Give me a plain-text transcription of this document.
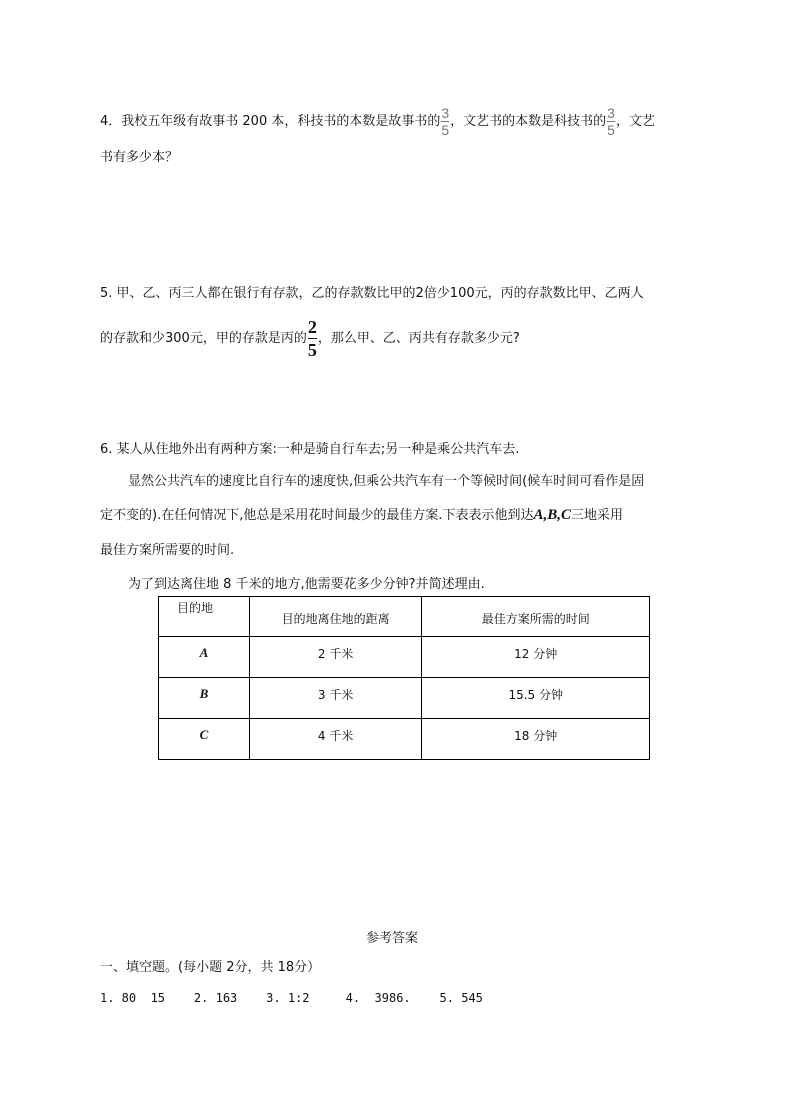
4．我校五年级有故事书 200 本，科技书的本数是故事书的 $\frac{3}{5}$ ，文艺书的本数是科技书的 $\frac{3}{5}$ ，文艺
书有多少本？
5. 甲、乙、丙三人都在银行有存款，乙的存款数比甲的2倍少100元，丙的存款数比甲、乙两人
的存款和少300元，甲的存款是丙的 $\frac{2}{5}$ ，那么甲、乙、丙共有存款多少元?
6. 某人从住地外出有两种方案:一种是骑自行车去;另一种是乘公共汽车去.
显然公共汽车的速度比自行车的速度快,但乘公共汽车有一个等候时间(候车时间可看作是固
定不变的).在任何情况下,他总是采用花时间最少的最佳方案.下表表示他到达A,B,C三地采用
最佳方案所需要的时间.
为了到达离住地 8 千米的地方,他需要花多少分钟?并简述理由.
目的地	目的地离住地的距离	最佳方案所需的时间

A	2 千米	12 分钟

B	3 千米	15.5 分钟

C	4 千米	18 分钟
参考答案
一、填空题。(每小题 2分，共 18分）
1. 80  15    2. 163    3. 1:2     4.  3986.    5. 545
